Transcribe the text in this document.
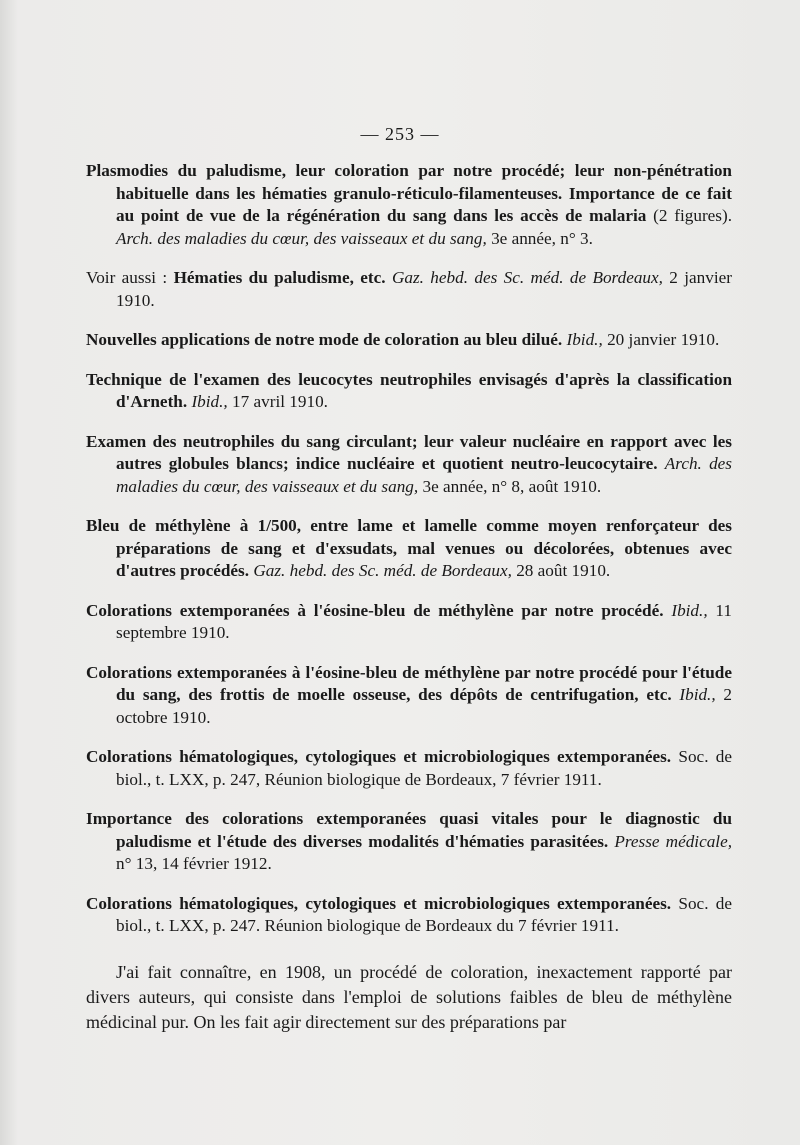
— 253 —
Plasmodies du paludisme, leur coloration par notre procédé; leur non-pénétration habituelle dans les hématies granulo-réticulo-filamenteuses. Importance de ce fait au point de vue de la régénération du sang dans les accès de malaria (2 figures). Arch. des maladies du cœur, des vaisseaux et du sang, 3e année, n° 3.
Voir aussi : Hématies du paludisme, etc. Gaz. hebd. des Sc. méd. de Bordeaux, 2 janvier 1910.
Nouvelles applications de notre mode de coloration au bleu dilué. Ibid., 20 janvier 1910.
Technique de l'examen des leucocytes neutrophiles envisagés d'après la classification d'Arneth. Ibid., 17 avril 1910.
Examen des neutrophiles du sang circulant; leur valeur nucléaire en rapport avec les autres globules blancs; indice nucléaire et quotient neutro-leucocytaire. Arch. des maladies du cœur, des vaisseaux et du sang, 3e année, n° 8, août 1910.
Bleu de méthylène à 1/500, entre lame et lamelle comme moyen renforçateur des préparations de sang et d'exsudats, mal venues ou décolorées, obtenues avec d'autres procédés. Gaz. hebd. des Sc. méd. de Bordeaux, 28 août 1910.
Colorations extemporanées à l'éosine-bleu de méthylène par notre procédé. Ibid., 11 septembre 1910.
Colorations extemporanées à l'éosine-bleu de méthylène par notre procédé pour l'étude du sang, des frottis de moelle osseuse, des dépôts de centrifugation, etc. Ibid., 2 octobre 1910.
Colorations hématologiques, cytologiques et microbiologiques extemporanées. Soc. de biol., t. LXX, p. 247, Réunion biologique de Bordeaux, 7 février 1911.
Importance des colorations extemporanées quasi vitales pour le diagnostic du paludisme et l'étude des diverses modalités d'hématies parasitées. Presse médicale, n° 13, 14 février 1912.
Colorations hématologiques, cytologiques et microbiologiques extemporanées. Soc. de biol., t. LXX, p. 247. Réunion biologique de Bordeaux du 7 février 1911.
J'ai fait connaître, en 1908, un procédé de coloration, inexactement rapporté par divers auteurs, qui consiste dans l'emploi de solutions faibles de bleu de méthylène médicinal pur. On les fait agir directement sur des préparations par
